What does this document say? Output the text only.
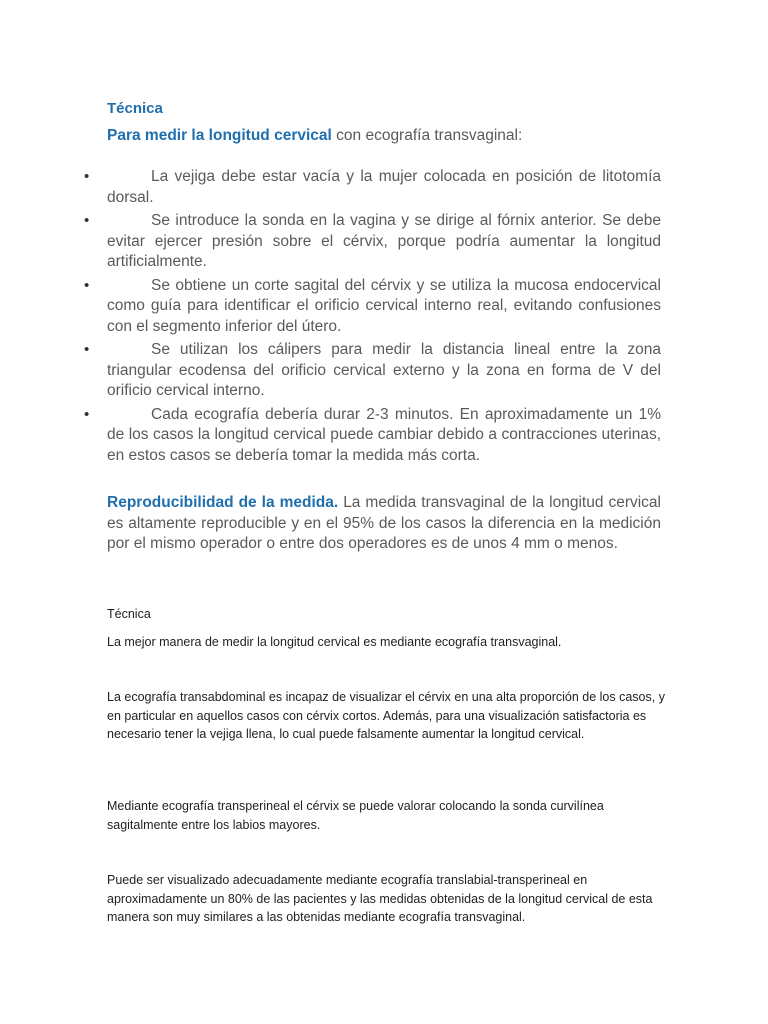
Técnica
Para medir la longitud cervical con ecografía transvaginal:
•	La vejiga debe estar vacía y la mujer colocada en posición de litotomía dorsal.
•	Se introduce la sonda en la vagina y se dirige al fórnix anterior. Se debe evitar ejercer presión sobre el cérvix, porque podría aumentar la longitud artificialmente.
•	Se obtiene un corte sagital del cérvix y se utiliza la mucosa endocervical como guía para identificar el orificio cervical interno real, evitando confusiones con el segmento inferior del útero.
•	Se utilizan los cálipers para medir la distancia lineal entre la zona triangular ecodensa del orificio cervical externo y la zona en forma de V del orificio cervical interno.
•	Cada ecografía debería durar 2-3 minutos. En aproximadamente un 1% de los casos la longitud cervical puede cambiar debido a contracciones uterinas, en estos casos se debería tomar la medida más corta.
Reproducibilidad de la medida. La medida transvaginal de la longitud cervical es altamente reproducible y en el 95% de los casos la diferencia en la medición por el mismo operador o entre dos operadores es de unos 4 mm o menos.
Técnica
La mejor manera de medir la longitud cervical es mediante ecografía transvaginal.
La ecografía transabdominal es incapaz de visualizar el cérvix en una alta proporción de los casos, y en particular en aquellos casos con cérvix cortos. Además, para una visualización satisfactoria es necesario tener la vejiga llena, lo cual puede falsamente aumentar la longitud cervical.
Mediante ecografía transperineal el cérvix se puede valorar colocando la sonda curvilínea sagitalmente entre los labios mayores.
Puede ser visualizado adecuadamente mediante ecografía translabial-transperineal en aproximadamente un 80% de las pacientes y las medidas obtenidas de la longitud cervical de esta manera son muy similares a las obtenidas mediante ecografía transvaginal.
